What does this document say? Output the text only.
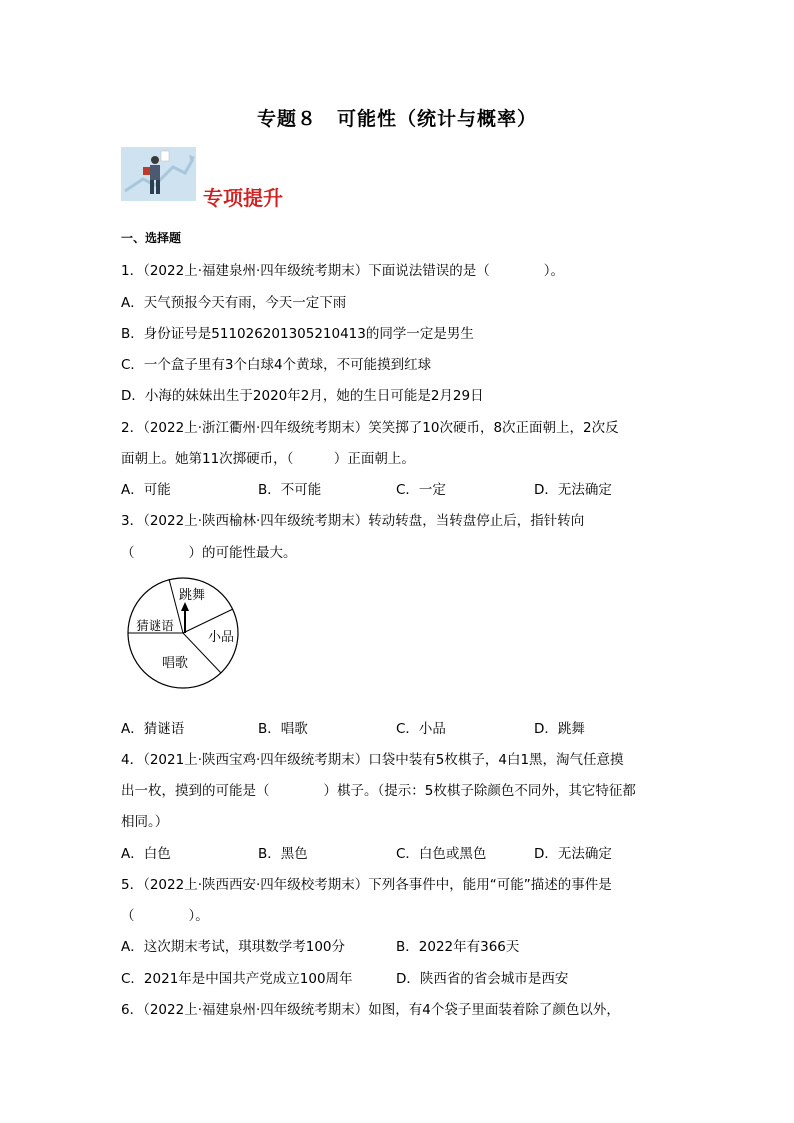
专题８　可能性（统计与概率）
专项提升
一、选择题
1．（2022上·福建泉州·四年级统考期末）下面说法错误的是（　　　　）。
A．天气预报今天有雨，今天一定下雨
B．身份证号是511026201305210413的同学一定是男生
C．一个盒子里有3个白球4个黄球，不可能摸到红球
D．小海的妹妹出生于2020年2月，她的生日可能是2月29日
2．（2022上·浙江衢州·四年级统考期末）笑笑掷了10次硬币，8次正面朝上，2次反
面朝上。她第11次掷硬币，（　　　）正面朝上。
A．可能	B．不可能	C．一定	D．无法确定
3．（2022上·陕西榆林·四年级统考期末）转动转盘，当转盘停止后，指针转向
（　　　　）的可能性最大。
跳舞
小品
唱歌
猜谜语
A．猜谜语	B．唱歌	C．小品	D．跳舞
4．（2021上·陕西宝鸡·四年级统考期末）口袋中装有5枚棋子，4白1黑，淘气任意摸
出一枚，摸到的可能是（　　　　）棋子。（提示：5枚棋子除颜色不同外，其它特征都
相同。）
A．白色	B．黑色	C．白色或黑色	D．无法确定
5．（2022上·陕西西安·四年级校考期末）下列各事件中，能用“可能”描述的事件是
（　　　　）。
A．这次期末考试，琪琪数学考100分	B．2022年有366天
C．2021年是中国共产党成立100周年	D．陕西省的省会城市是西安
6．（2022上·福建泉州·四年级统考期末）如图，有4个袋子里面装着除了颜色以外，
